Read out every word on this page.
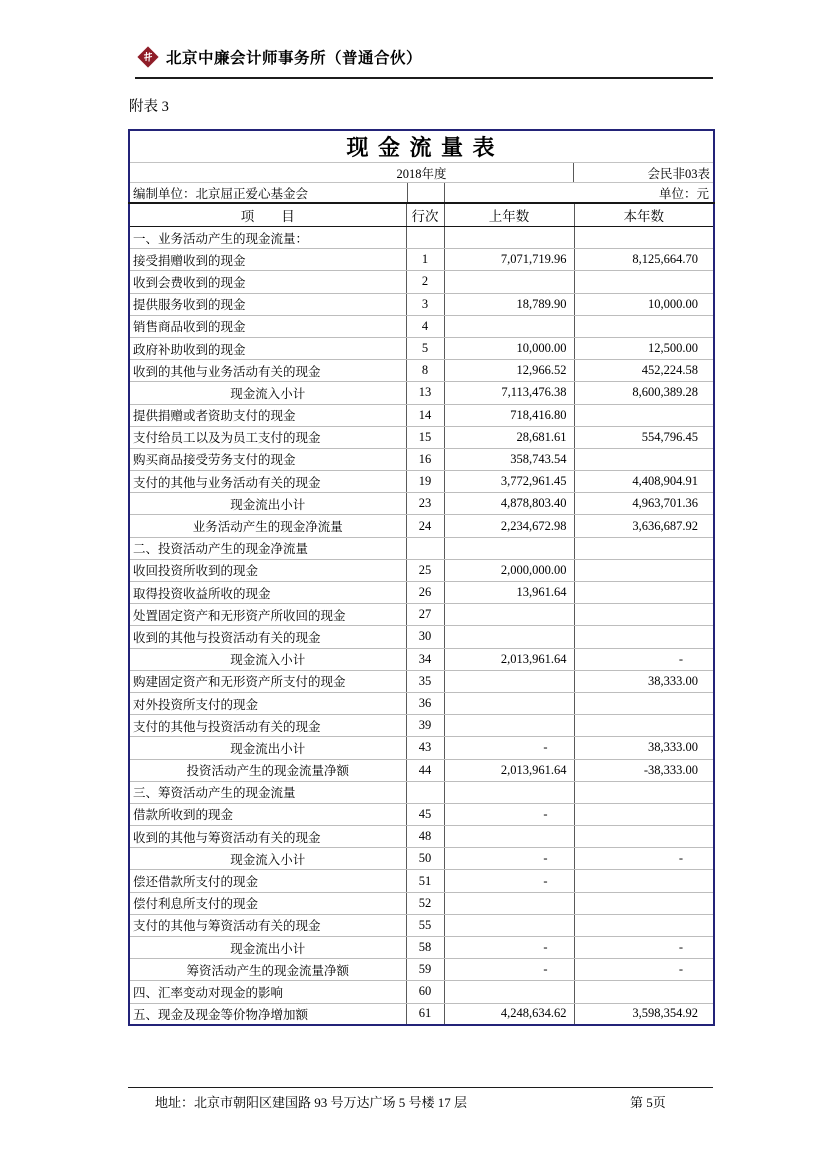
北京中廉会计师事务所（普通合伙）
附表 3
现 金 流 量 表			

2018年度 会民非03表			

编制单位：北京屈正爱心基金会 单位：元			

项　　目	行次	上年数	本年数
一、业务活动产生的现金流量：			
接受捐赠收到的现金	1	7,071,719.96	8,125,664.70
收到会费收到的现金	2		
提供服务收到的现金	3	18,789.90	10,000.00
销售商品收到的现金	4		
政府补助收到的现金	5	10,000.00	12,500.00
收到的其他与业务活动有关的现金	8	12,966.52	452,224.58
现金流入小计	13	7,113,476.38	8,600,389.28
提供捐赠或者资助支付的现金	14	718,416.80	
支付给员工以及为员工支付的现金	15	28,681.61	554,796.45
购买商品接受劳务支付的现金	16	358,743.54	
支付的其他与业务活动有关的现金	19	3,772,961.45	4,408,904.91
现金流出小计	23	4,878,803.40	4,963,701.36
业务活动产生的现金净流量	24	2,234,672.98	3,636,687.92
二、投资活动产生的现金净流量			
收回投资所收到的现金	25	2,000,000.00	
取得投资收益所收的现金	26	13,961.64	
处置固定资产和无形资产所收回的现金	27		
收到的其他与投资活动有关的现金	30		
现金流入小计	34	2,013,961.64	-
购建固定资产和无形资产所支付的现金	35		38,333.00
对外投资所支付的现金	36		
支付的其他与投资活动有关的现金	39		
现金流出小计	43	-	38,333.00
投资活动产生的现金流量净额	44	2,013,961.64	-38,333.00
三、筹资活动产生的现金流量			
借款所收到的现金	45	-	
收到的其他与筹资活动有关的现金	48		
现金流入小计	50	-	-
偿还借款所支付的现金	51	-	
偿付利息所支付的现金	52		
支付的其他与筹资活动有关的现金	55		
现金流出小计	58	-	-
筹资活动产生的现金流量净额	59	-	-
四、汇率变动对现金的影响	60		
五、现金及现金等价物净增加额	61	4,248,634.62	3,598,354.92
地址：北京市朝阳区建国路 93 号万达广场 5 号楼 17 层	第 5页
